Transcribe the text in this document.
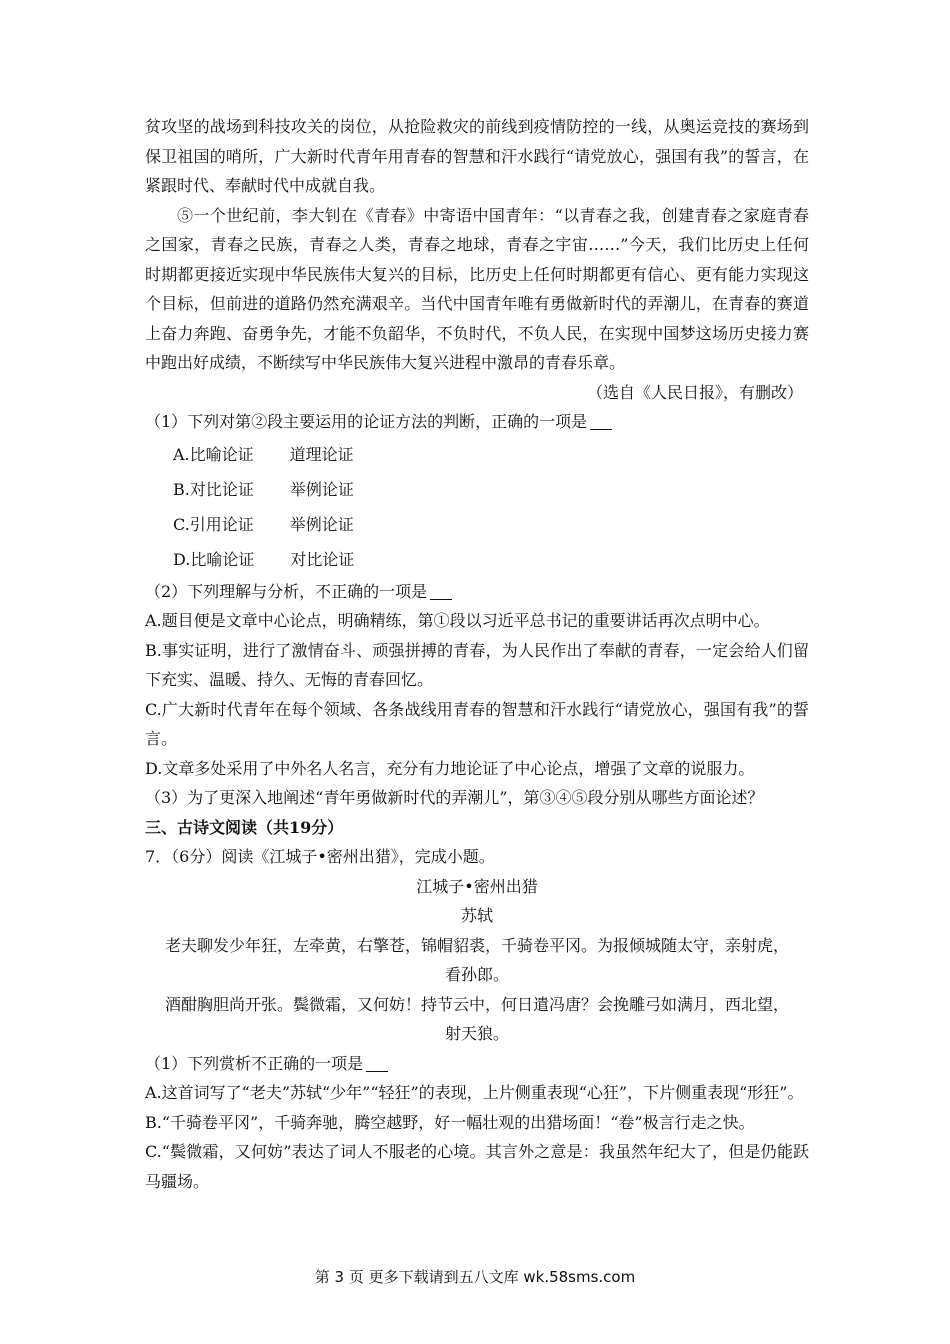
贫攻坚的战场到科技攻关的岗位，从抢险救灾的前线到疫情防控的一线，从奥运竞技的赛场到保卫祖国的哨所，广大新时代青年用青春的智慧和汗水践行“请党放心，强国有我”的誓言，在紧跟时代、奉献时代中成就自我。

⑤一个世纪前，李大钊在《青春》中寄语中国青年：“以青春之我，创建青春之家庭青春之国家，青春之民族，青春之人类，青春之地球，青春之宇宙……”今天，我们比历史上任何时期都更接近实现中华民族伟大复兴的目标，比历史上任何时期都更有信心、更有能力实现这个目标，但前进的道路仍然充满艰辛。当代中国青年唯有勇做新时代的弄潮儿，在青春的赛道上奋力奔跑、奋勇争先，才能不负韶华，不负时代，不负人民，在实现中国梦这场历史接力赛中跑出好成绩，不断续写中华民族伟大复兴进程中激昂的青春乐章。

（选自《人民日报》，有删改）

（1）下列对第②段主要运用的论证方法的判断，正确的一项是

A.比喻论证 道理论证

B.对比论证 举例论证

C.引用论证 举例论证

D.比喻论证 对比论证

（2）下列理解与分析，不正确的一项是

A.题目便是文章中心论点，明确精练，第①段以习近平总书记的重要讲话再次点明中心。

B.事实证明，进行了激情奋斗、顽强拼搏的青春，为人民作出了奉献的青春，一定会给人们留下充实、温暖、持久、无悔的青春回忆。

C.广大新时代青年在每个领域、各条战线用青春的智慧和汗水践行“请党放心，强国有我”的誓言。

D.文章多处采用了中外名人名言，充分有力地论证了中心论点，增强了文章的说服力。

（3）为了更深入地阐述“青年勇做新时代的弄潮儿”，第③④⑤段分别从哪些方面论述？

三、古诗文阅读（共19分）

7．（6分）阅读《江城子•密州出猎》，完成小题。

江城子•密州出猎

苏轼

老夫聊发少年狂，左牵黄，右擎苍，锦帽貂裘，千骑卷平冈。为报倾城随太守，亲射虎，

看孙郎。

酒酣胸胆尚开张。鬓微霜，又何妨！持节云中，何日遣冯唐？会挽雕弓如满月，西北望，

射天狼。

（1）下列赏析不正确的一项是

A.这首词写了“老夫”苏轼“少年”“轻狂”的表现，上片侧重表现“心狂”，下片侧重表现“形狂”。

B.“千骑卷平冈”，千骑奔驰，腾空越野，好一幅壮观的出猎场面！“卷”极言行走之快。

C.“鬓微霜，又何妨”表达了词人不服老的心境。其言外之意是：我虽然年纪大了，但是仍能跃马疆场。

第 3 页 更多下载请到五八文库 wk.58sms.com
